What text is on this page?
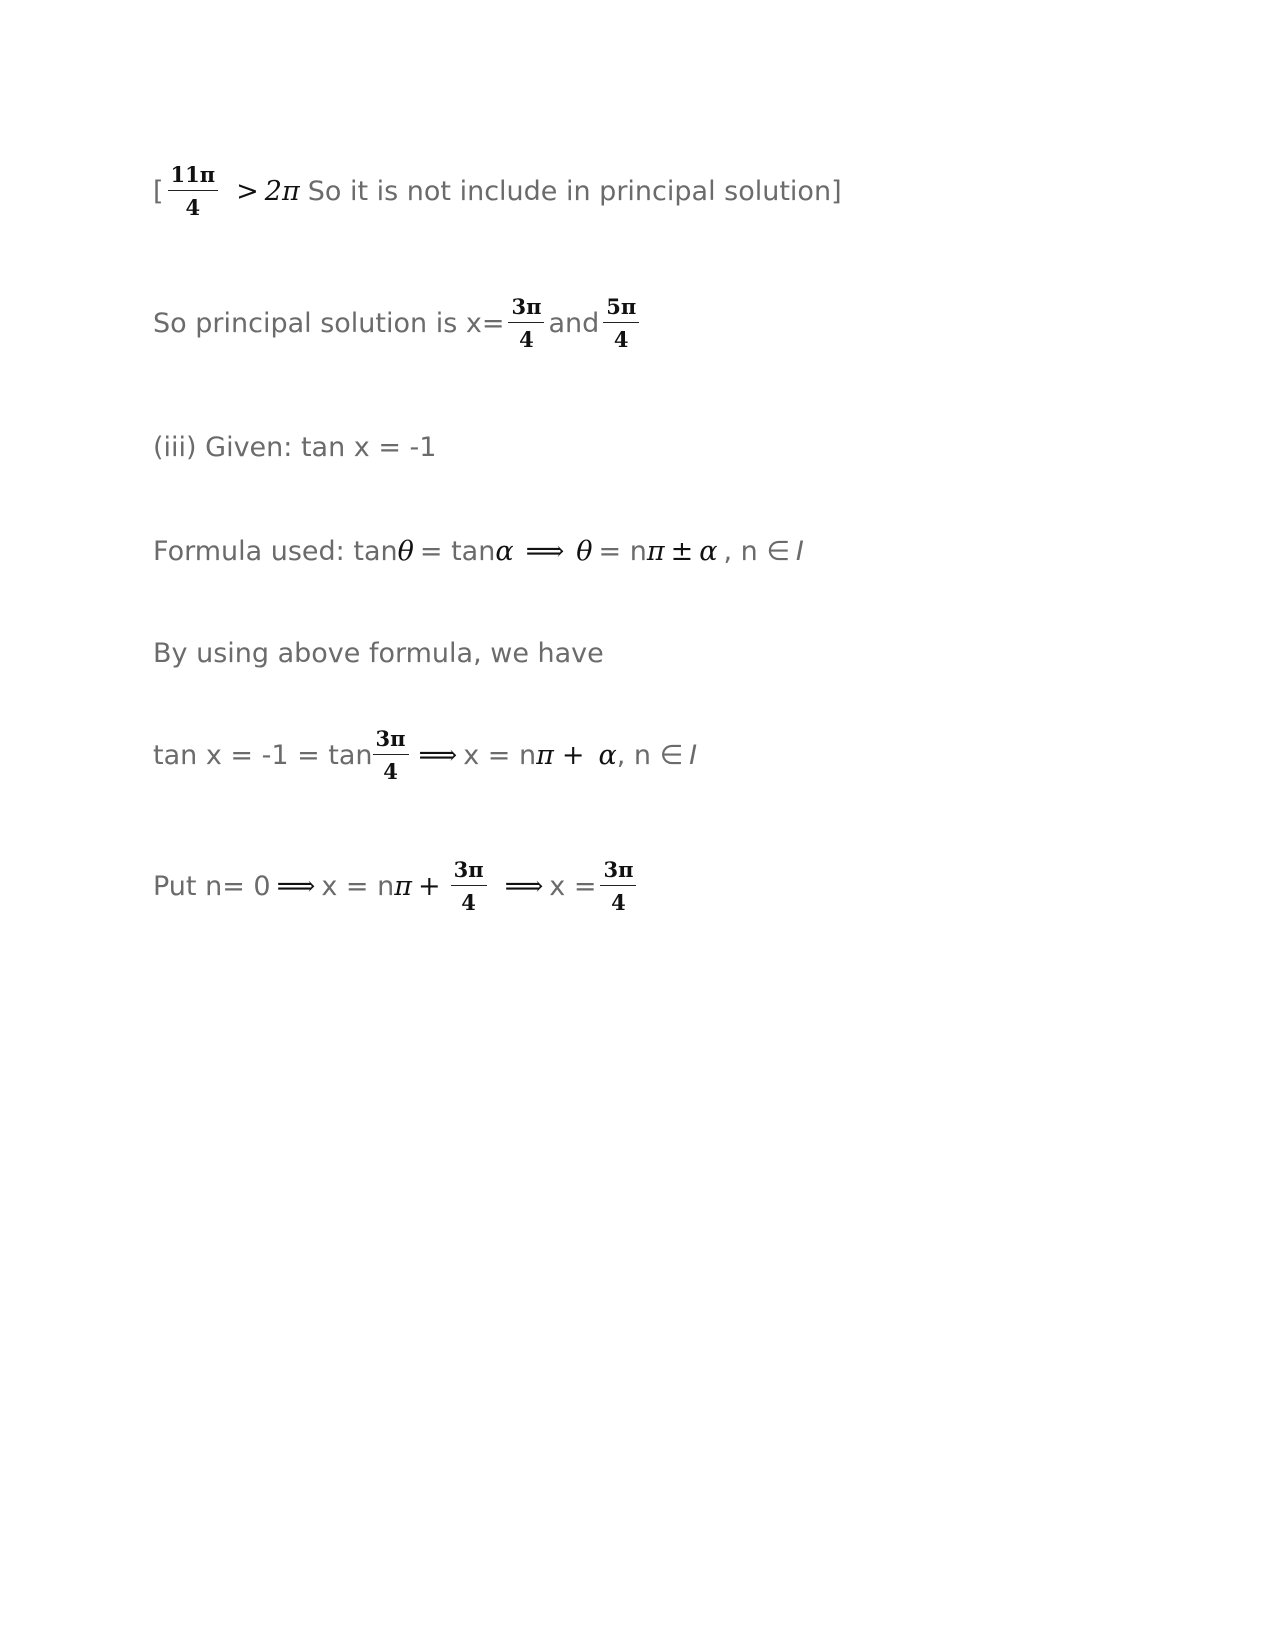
[ $\frac{11\pi}{4} > 2\pi$ So it is not include in principal solution]
So principal solution is $x= \frac{3\pi}{4}$ and $\frac{5\pi}{4}$
(iii) Given: tan x = -1
Formula used: tan θ = tan α ⟹ θ = n π ± α , n ∈ I
By using above formula, we have
$\tan x = -1 = \tan \frac{3\pi}{4}$ ⟹ x = n π + α , n ∈ I
Put n= 0 ⟹ x = n $\pi + \frac{3\pi}{4}$ ⟹ $x = \frac{3\pi}{4}$
